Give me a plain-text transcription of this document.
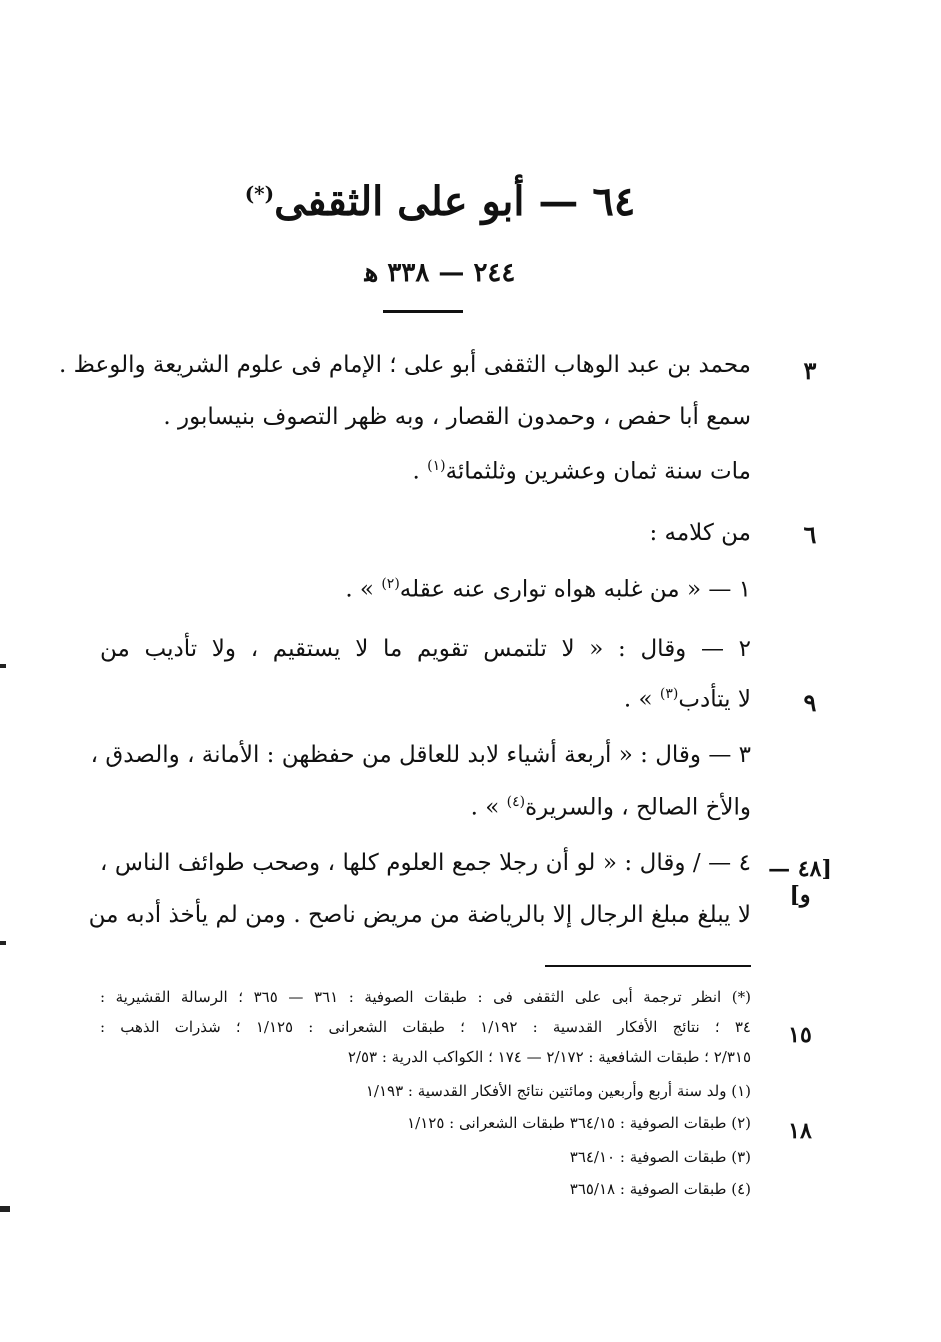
٦٤ — أبو على الثقفى(*)
٢٤٤ — ٣٣٨ ﻫ
محمد بن عبد الوهاب الثقفى أبو على ؛ الإمام فى علوم الشريعة والوعظ .
سمع أبا حفص ، وحمدون القصار ، وبه ظهر التصوف بنيسابور .
مات سنة ثمان وعشرين وثلثمائة$^{(١)}$ .
من كلامه :
١ — « من غلبه هواه توارى عنه عقله$^{(٢)}$ » .
٢ — وقال : « لا تلتمس تقويم ما لا يستقيم ، ولا تأديب من
لا يتأدب$^{(٣)}$ » .
٣ — وقال : « أربعة أشياء لابد للعاقل من حفظهن : الأمانة ، والصدق ،
والأخ الصالح ، والسريرة$^{(٤)}$ » .
٤ — / وقال : « لو أن رجلا جمع العلوم كلها ، وصحب طوائف الناس ،
لا يبلغ مبلغ الرجال إلا بالرياضة من مريض ناصح . ومن لم يأخذ أدبه من
٣
٦
٩
[٤٨ — و]
(*) انظر ترجمة أبى على الثقفى فى : طبقات الصوفية : ٣٦١ — ٣٦٥ ؛ الرسالة القشيرية :
٣٤ ؛ نتائج الأفكار القدسية : ١/١٩٢ ؛ طبقات الشعرانى : ١/١٢٥ ؛ شذرات الذهب :
٢/٣١٥ ؛ طبقات الشافعية : ٢/١٧٢ — ١٧٤ ؛ الكواكب الدرية : ٢/٥٣
(١) ولد سنة أربع وأربعين ومائتين نتائج الأفكار القدسية : ١/١٩٣
(٢) طبقات الصوفية : ٣٦٤/١٥ طبقات الشعرانى : ١/١٢٥
(٣) طبقات الصوفية : ٣٦٤/١٠
(٤) طبقات الصوفية : ٣٦٥/١٨
١٥
١٨
